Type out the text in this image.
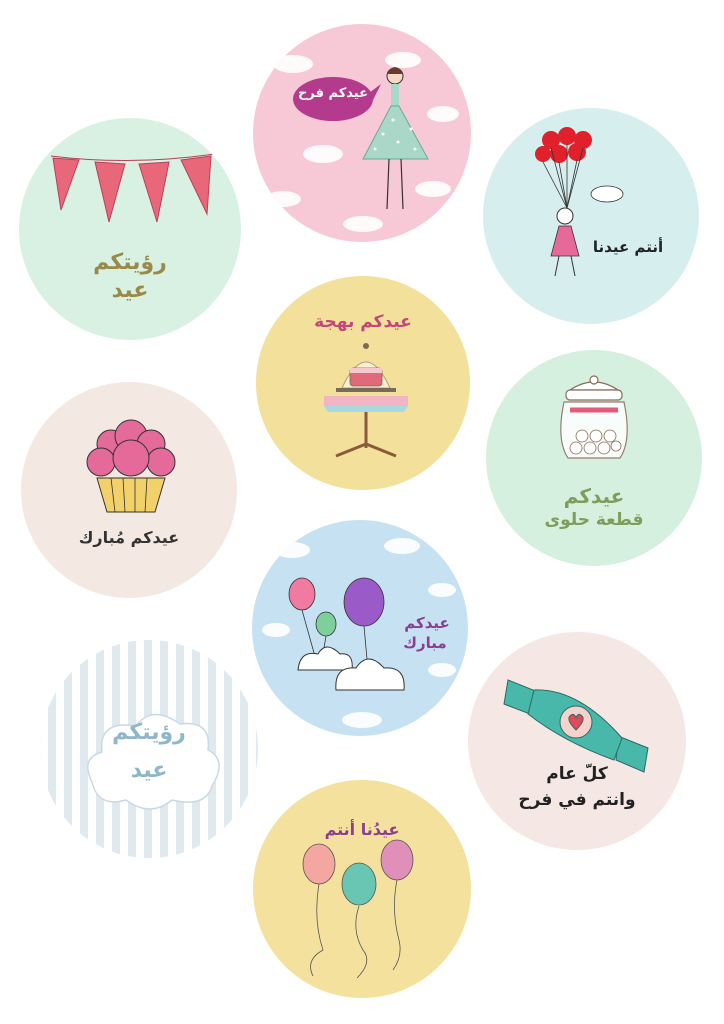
عيدكم فرح
أنتم عيدنا
رؤيتكم
عيد
عيدكم بهجة
عيدكم
قطعة حلوى
عيدكم مُبارك
عيدكم
مبارك
رؤيتكم
عيد	كلّ عام
وانتم في فرح
عيدُنا أنتم
